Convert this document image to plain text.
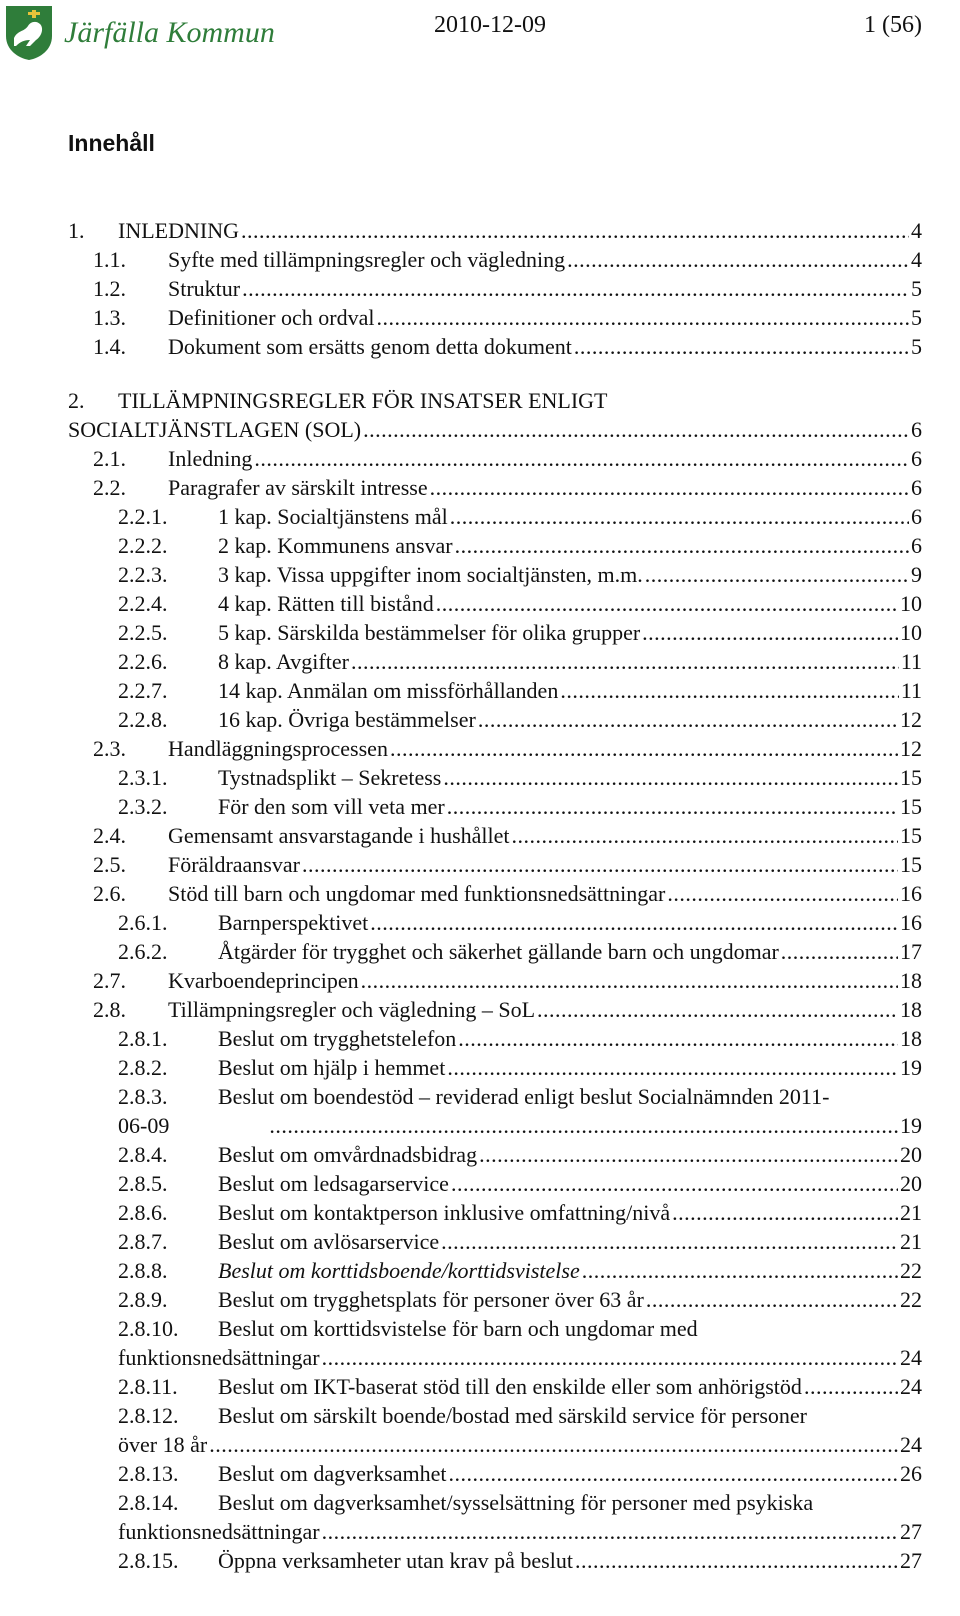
Järfälla Kommun	2010-12-09	1 (56)
Innehåll
1. INLEDNING .....	4
1.1. Syfte med tillämpningsregler och vägledning .....	4
1.2. Struktur .....	5
1.3. Definitioner och ordval .....	5
1.4. Dokument som ersätts genom detta dokument .....	5
2. TILLÄMPNINGSREGLER FÖR INSATSER ENLIGT
SOCIALTJÄNSTLAGEN (SOL) .....	6
2.1. Inledning .....	6
2.2. Paragrafer av särskilt intresse .....	6
2.2.1. 1 kap. Socialtjänstens mål .....	6
2.2.2. 2 kap. Kommunens ansvar .....	6
2.2.3. 3 kap. Vissa uppgifter inom socialtjänsten, m.m. .....	9
2.2.4. 4 kap. Rätten till bistånd .....	10
2.2.5. 5 kap. Särskilda bestämmelser för olika grupper .....	10
2.2.6. 8 kap. Avgifter .....	11
2.2.7. 14 kap. Anmälan om missförhållanden .....	11
2.2.8. 16 kap. Övriga bestämmelser .....	12
2.3. Handläggningsprocessen .....	12
2.3.1. Tystnadsplikt – Sekretess .....	15
2.3.2. För den som vill veta mer .....	15
2.4. Gemensamt ansvarstagande i hushållet .....	15
2.5. Föräldraansvar .....	15
2.6. Stöd till barn och ungdomar med funktionsnedsättningar .....	16
2.6.1. Barnperspektivet .....	16
2.6.2. Åtgärder för trygghet och säkerhet gällande barn och ungdomar .....	17
2.7. Kvarboendeprincipen .....	18
2.8. Tillämpningsregler och vägledning – SoL .....	18
2.8.1. Beslut om trygghetstelefon .....	18
2.8.2. Beslut om hjälp i hemmet .....	19
2.8.3. Beslut om boendestöd – reviderad enligt beslut Socialnämnden 2011-
06-09 .....	19
2.8.4. Beslut om omvårdnadsbidrag .....	20
2.8.5. Beslut om ledsagarservice .....	20
2.8.6. Beslut om kontaktperson inklusive omfattning/nivå .....	21
2.8.7. Beslut om avlösarservice .....	21
2.8.8. Beslut om korttidsboende/korttidsvistelse .....	22
2.8.9. Beslut om trygghetsplats för personer över 63 år .....	22
2.8.10. Beslut om korttidsvistelse för barn och ungdomar med
funktionsnedsättningar .....	24
2.8.11. Beslut om IKT-baserat stöd till den enskilde eller som anhörigstöd .....	24
2.8.12. Beslut om särskilt boende/bostad med särskild service för personer
över 18 år .....	24
2.8.13. Beslut om dagverksamhet .....	26
2.8.14. Beslut om dagverksamhet/sysselsättning för personer med psykiska
funktionsnedsättningar .....	27
2.8.15. Öppna verksamheter utan krav på beslut .....	27
